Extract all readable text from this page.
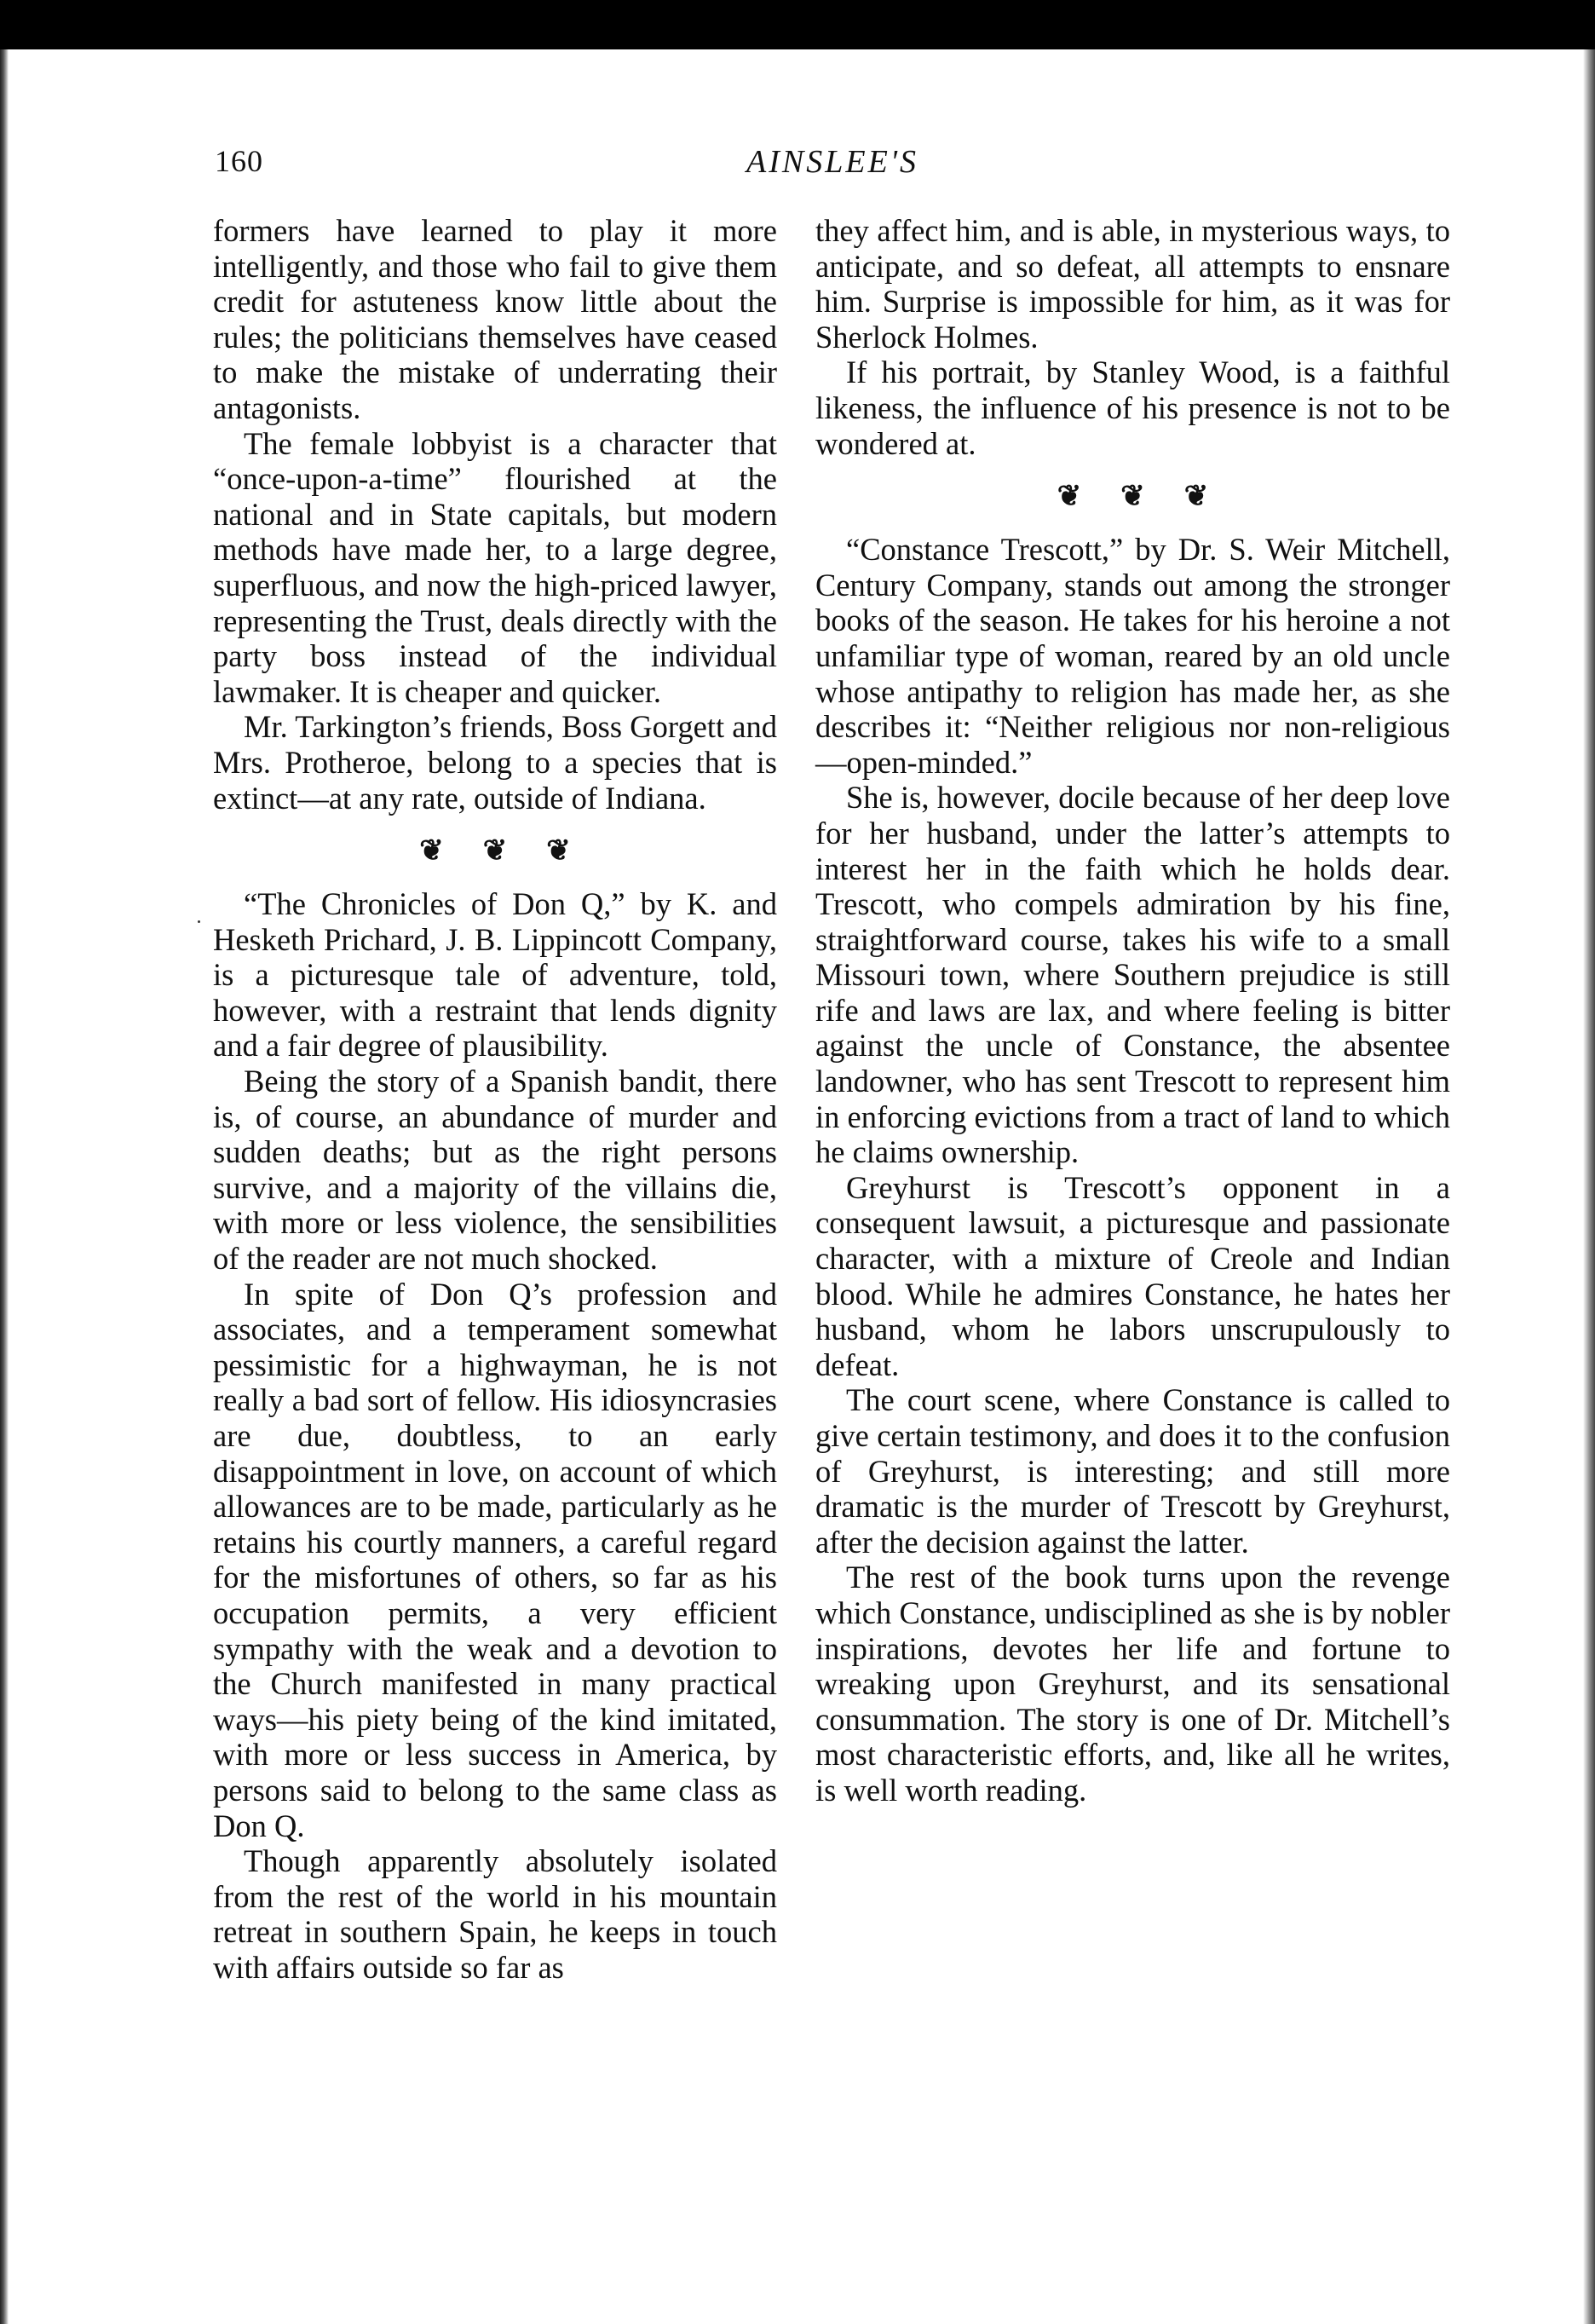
160	AINSLEE'S

formers have learned to play it more intelligently, and those who fail to give them credit for astuteness know little about the rules; the politicians themselves have ceased to make the mistake of underrating their antagonists.

The female lobbyist is a character that “once-upon-a-time” flourished at the national and in State capitals, but modern methods have made her, to a large degree, superfluous, and now the high-priced lawyer, representing the Trust, deals directly with the party boss instead of the individual lawmaker. It is cheaper and quicker.

Mr. Tarkington’s friends, Boss Gorgett and Mrs. Protheroe, belong to a species that is extinct—at any rate, outside of Indiana.

❦❦❦

“The Chronicles of Don Q,” by K. and Hesketh Prichard, J. B. Lippincott Company, is a picturesque tale of adventure, told, however, with a restraint that lends dignity and a fair degree of plausibility.

Being the story of a Spanish bandit, there is, of course, an abundance of murder and sudden deaths; but as the right persons survive, and a majority of the villains die, with more or less violence, the sensibilities of the reader are not much shocked.

In spite of Don Q’s profession and associates, and a temperament somewhat pessimistic for a highwayman, he is not really a bad sort of fellow. His idiosyncrasies are due, doubtless, to an early disappointment in love, on account of which allowances are to be made, particularly as he retains his courtly manners, a careful regard for the misfortunes of others, so far as his occupation permits, a very efficient sympathy with the weak and a devotion to the Church manifested in many practical ways—his piety being of the kind imitated, with more or less success in America, by persons said to belong to the same class as Don Q.

Though apparently absolutely isolated from the rest of the world in his mountain retreat in southern Spain, he keeps in touch with affairs outside so far as

they affect him, and is able, in mysterious ways, to anticipate, and so defeat, all attempts to ensnare him. Surprise is impossible for him, as it was for Sherlock Holmes.

If his portrait, by Stanley Wood, is a faithful likeness, the influence of his presence is not to be wondered at.

❦❦❦

“Constance Trescott,” by Dr. S. Weir Mitchell, Century Company, stands out among the stronger books of the season. He takes for his heroine a not unfamiliar type of woman, reared by an old uncle whose antipathy to religion has made her, as she describes it: “Neither religious nor non-religious —open-minded.”

She is, however, docile because of her deep love for her husband, under the latter’s attempts to interest her in the faith which he holds dear. Trescott, who compels admiration by his fine, straightforward course, takes his wife to a small Missouri town, where Southern prejudice is still rife and laws are lax, and where feeling is bitter against the uncle of Constance, the absentee landowner, who has sent Trescott to represent him in enforcing evictions from a tract of land to which he claims ownership.

Greyhurst is Trescott’s opponent in a consequent lawsuit, a picturesque and passionate character, with a mixture of Creole and Indian blood. While he admires Constance, he hates her husband, whom he labors unscrupulously to defeat.

The court scene, where Constance is called to give certain testimony, and does it to the confusion of Greyhurst, is interesting; and still more dramatic is the murder of Trescott by Greyhurst, after the decision against the latter.

The rest of the book turns upon the revenge which Constance, undisciplined as she is by nobler inspirations, devotes her life and fortune to wreaking upon Greyhurst, and its sensational consummation. The story is one of Dr. Mitchell’s most characteristic efforts, and, like all he writes, is well worth reading.
